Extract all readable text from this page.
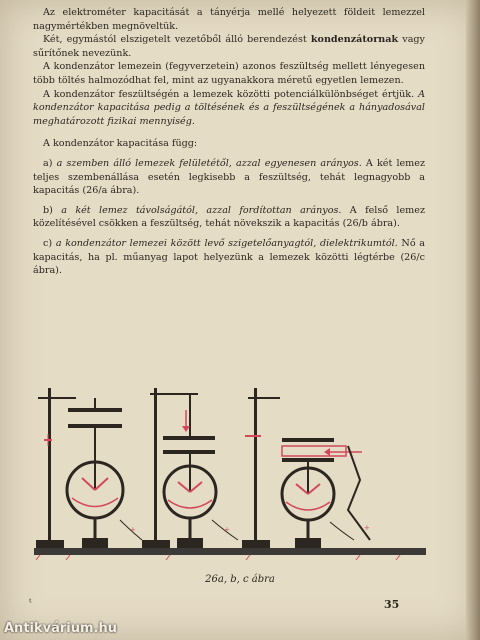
Az elektrométer kapacitását a tányérja mellé helyezett földeit lemezzel nagymértékben megnöveltük.

Két, egymástól elszigetelt vezetőből álló berendezést kondenzátornak vagy sűrítőnek nevezünk.

A kondenzátor lemezein (fegyverzetein) azonos feszültség mellett lényegesen több töltés halmozódhat fel, mint az ugyanakkora méretű egyetlen lemezen.

A kondenzátor feszültségén a lemezek közötti potenciálkülönbséget értjük. A kondenzátor kapacitása pedig a töltésének és a feszültségének a hányadosával meghatározott fizikai mennyiség.

A kondenzátor kapacitása függ:

a) a szemben álló lemezek felületétől, azzal egyenesen arányos. A két lemez teljes szembenállása esetén legkisebb a feszültség, tehát legnagyobb a kapacitás (26/a ábra).

b) a két lemez távolságától, azzal fordítottan arányos. A felső lemez közelítésével csökken a feszültség, tehát növekszik a kapacitás (26/b ábra).

c) a kondenzátor lemezei között levő szigetelőanyagtól, dielektrikumtól. Nő a kapacitás, ha pl. műanyag lapot helyezünk a lemezek közötti légtérbe (26/c ábra).

+	+	+
26a, b, c ábra
ᵗ	35
Antikvárium.hu
